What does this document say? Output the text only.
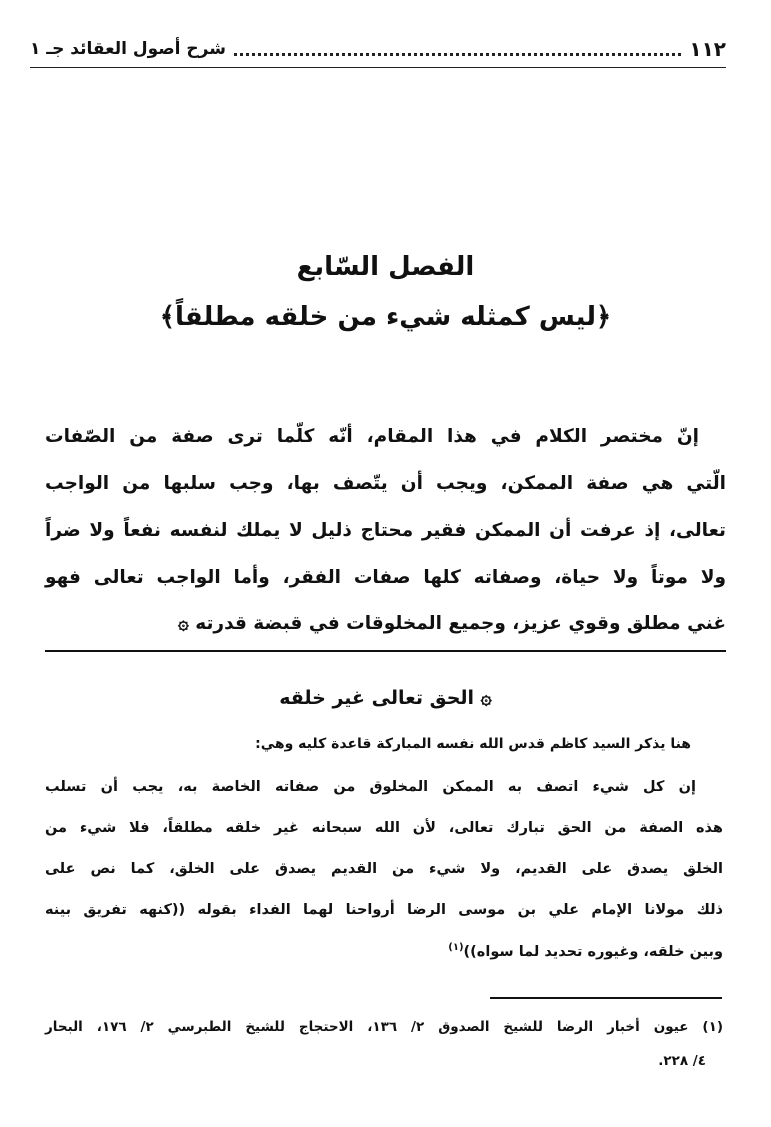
١١٢
شرح أصول العقائد جـ ١
الفصل السّابع
﴿ليس كمثله شيء من خلقه مطلقاً﴾
إنّ مختصر الكلام في هذا المقام، أنّه كلّما ترى صفة من الصّفات
الّتي هي صفة الممكن، ويجب أن يتّصف بها، وجب سلبها من الواجب
تعالى، إذ عرفت أن الممكن فقير محتاج ذليل لا يملك لنفسه نفعاً ولا ضراً
ولا موتاً ولا حياة، وصفاته كلها صفات الفقر، وأما الواجب تعالى فهو
غني مطلق وقوي عزيز، وجميع المخلوقات في قبضة قدرته ۞
۞ الحق تعالى غير خلقه
هنا يذكر السيد كاظم قدس الله نفسه المباركة قاعدة كليه وهي:
إن كل شيء اتصف به الممكن المخلوق من صفاته الخاصة به، يجب أن تسلب
هذه الصفة من الحق تبارك تعالى، لأن الله سبحانه غير خلقه مطلقاً، فلا شيء من
الخلق يصدق على القديم، ولا شيء من القديم يصدق على الخلق، كما نص على
ذلك مولانا الإمام علي بن موسى الرضا أرواحنا لهما الفداء بقوله ((كنهه تفريق بينه
وبين خلقه، وغيوره تحديد لما سواه))$^{(١)}$
(١) عيون أخبار الرضا للشيخ الصدوق ٢/ ١٣٦، الاحتجاج للشيخ الطبرسي ٢/ ١٧٦، البحار
٤/ ٢٢٨.
